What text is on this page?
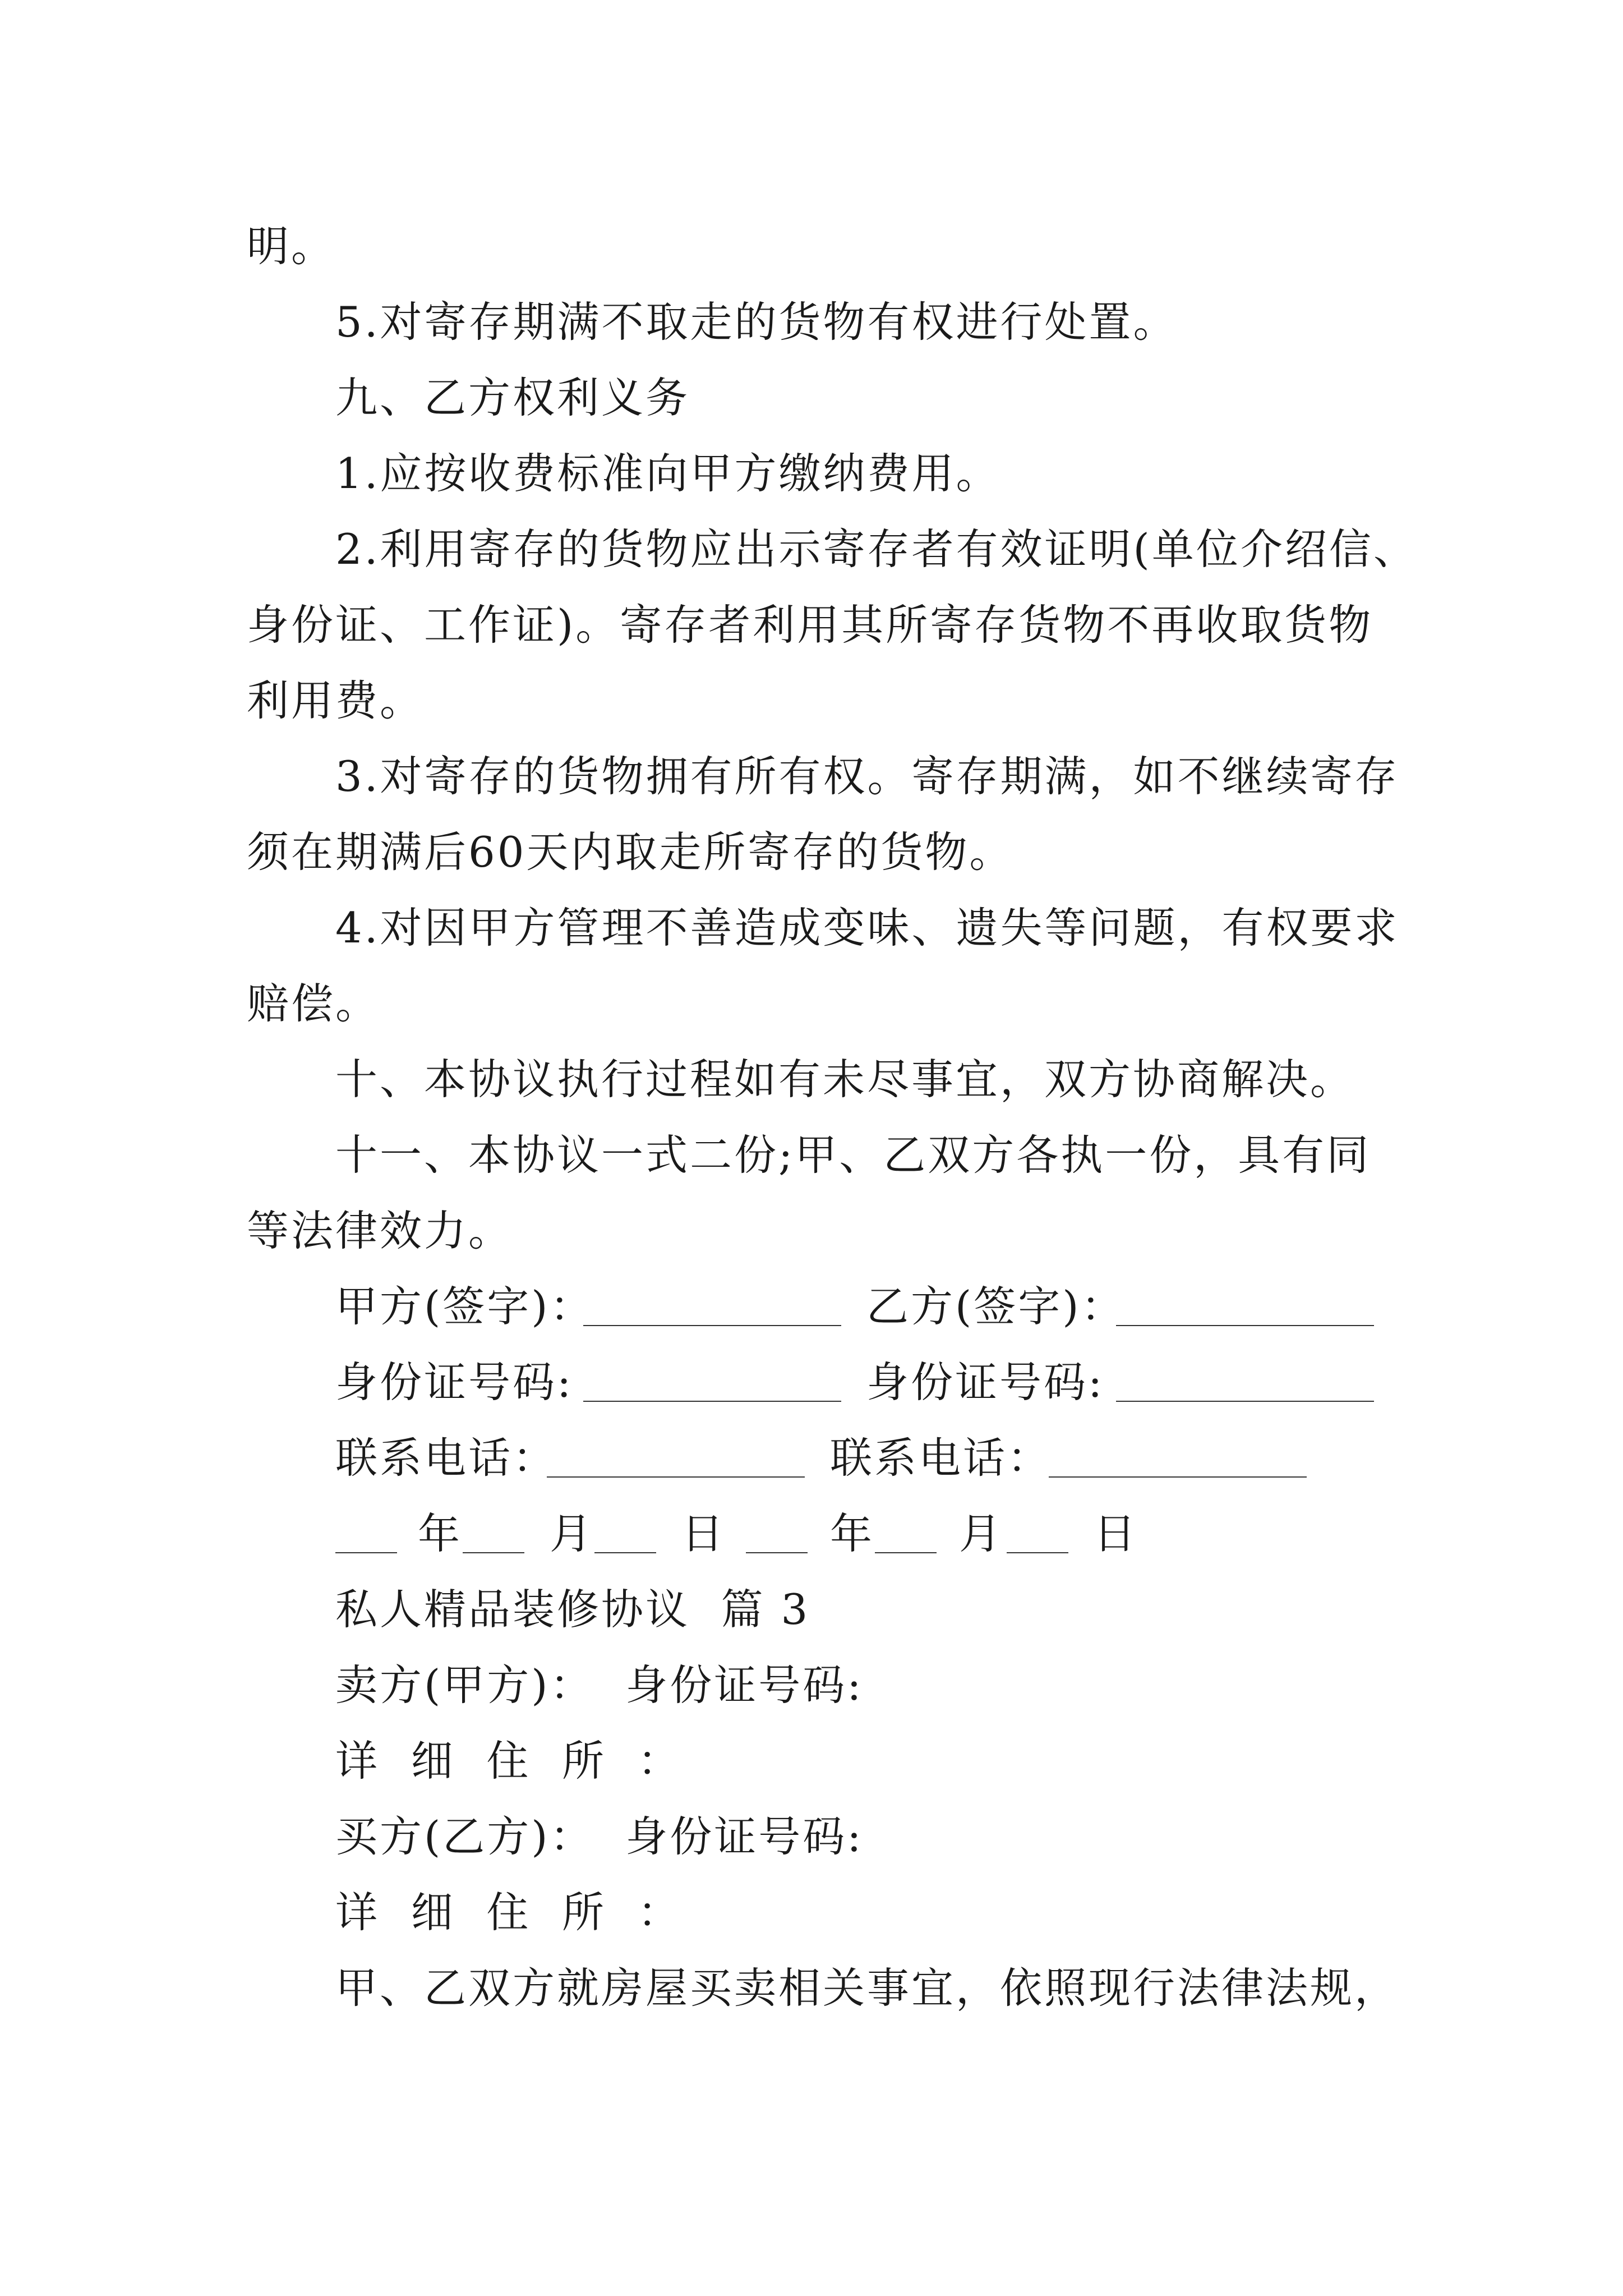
明。
5.对寄存期满不取走的货物有权进行处置。
九、乙方权利义务
1.应按收费标准向甲方缴纳费用。
2.利用寄存的货物应出示寄存者有效证明(单位介绍信、
身份证、工作证)。寄存者利用其所寄存货物不再收取货物
利用费。
3.对寄存的货物拥有所有权。寄存期满，如不继续寄存
须在期满后60天内取走所寄存的货物。
4.对因甲方管理不善造成变味、遗失等问题，有权要求
赔偿。
十、本协议执行过程如有未尽事宜，双方协商解决。
十一、本协议一式二份;甲、乙双方各执一份，具有同
等法律效力。
甲方(签字)：	乙方(签字)：
身份证号码:	身份证号码:
联系电话：	联系电话：
年 月 日 年 月 日
私人精品装修协议  篇 3
卖方(甲方)：  身份证号码:
详  细  住  所  ：
买方(乙方)：  身份证号码:
详  细  住  所  ：
甲、乙双方就房屋买卖相关事宜，依照现行法律法规，
